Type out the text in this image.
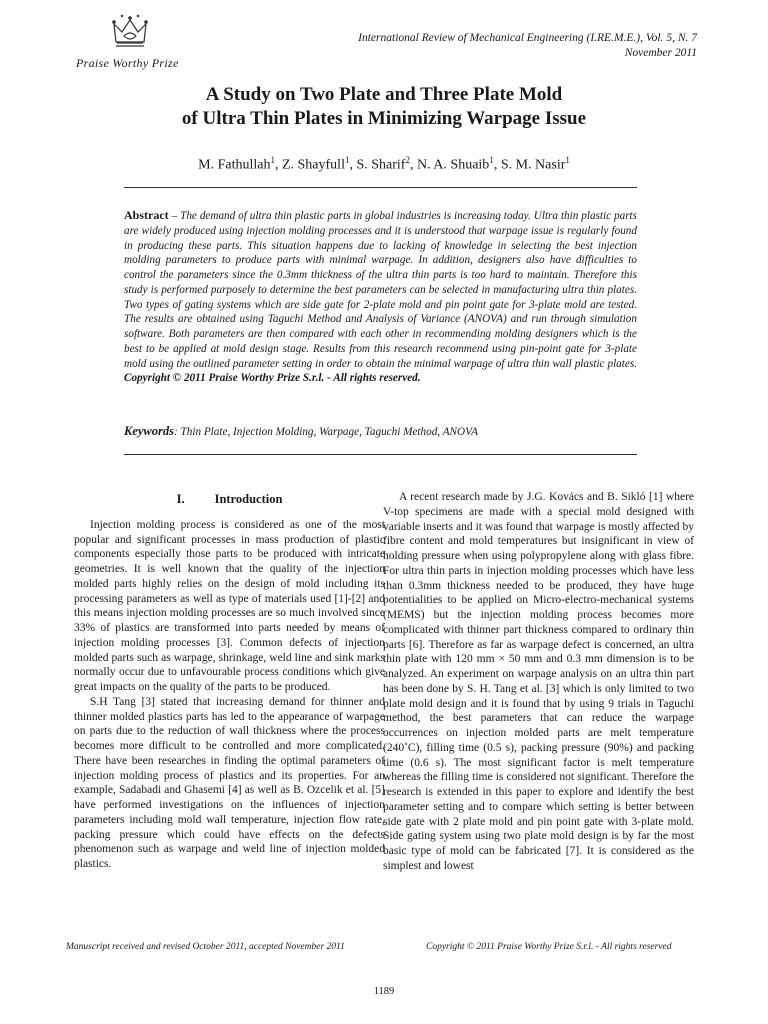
Praise Worthy Prize
International Review of Mechanical Engineering (I.RE.M.E.), Vol. 5, N. 7
November 2011
A Study on Two Plate and Three Plate Mold
of Ultra Thin Plates in Minimizing Warpage Issue
M. Fathullah$^1$, Z. Shayfull$^1$, S. Sharif$^2$, N. A. Shuaib$^1$, S. M. Nasir$^1$
Abstract – The demand of ultra thin plastic parts in global industries is increasing today. Ultra thin plastic parts are widely produced using injection molding processes and it is understood that warpage issue is regularly found in producing these parts. This situation happens due to lacking of knowledge in selecting the best injection molding parameters to produce parts with minimal warpage. In addition, designers also have difficulties to control the parameters since the 0.3mm thickness of the ultra thin parts is too hard to maintain. Therefore this study is performed purposely to determine the best parameters can be selected in manufacturing ultra thin plates. Two types of gating systems which are side gate for 2-plate mold and pin point gate for 3-plate mold are tested. The results are obtained using Taguchi Method and Analysis of Variance (ANOVA) and run through simulation software. Both parameters are then compared with each other in recommending molding designers which is the best to be applied at mold design stage. Results from this research recommend using pin-point gate for 3-plate mold using the outlined parameter setting in order to obtain the minimal warpage of ultra thin wall plastic plates. Copyright © 2011 Praise Worthy Prize S.r.l. - All rights reserved.
Keywords: Thin Plate, Injection Molding, Warpage, Taguchi Method, ANOVA

I. Introduction

Injection molding process is considered as one of the most popular and significant processes in mass production of plastic components especially those parts to be produced with intricate geometries. It is well known that the quality of the injection molded parts highly relies on the design of mold including its processing parameters as well as type of materials used [1]-[2] and this means injection molding processes are so much involved since 33% of plastics are transformed into parts needed by means of injection molding processes [3]. Common defects of injection molded parts such as warpage, shrinkage, weld line and sink marks normally occur due to unfavourable process conditions which give great impacts on the quality of the parts to be produced.

S.H Tang [3] stated that increasing demand for thinner and thinner molded plastics parts has led to the appearance of warpage on parts due to the reduction of wall thickness where the process becomes more difficult to be controlled and more complicated. There have been researches in finding the optimal parameters of injection molding process of plastics and its properties. For an example, Sadabadi and Ghasemi [4] as well as B. Ozcelik et al. [5] have performed investigations on the influences of injection parameters including mold wall temperature, injection flow rate, packing pressure which could have effects on the defects phenomenon such as warpage and weld line of injection molded plastics.

A recent research made by J.G. Kovács and B. Sikló [1] where V-top specimens are made with a special mold designed with variable inserts and it was found that warpage is mostly affected by fibre content and mold temperatures but insignificant in view of holding pressure when using polypropylene along with glass fibre. For ultra thin parts in injection molding processes which have less than 0.3mm thickness needed to be produced, they have huge potentialities to be applied on Micro-electro-mechanical systems (MEMS) but the injection molding process becomes more complicated with thinner part thickness compared to ordinary thin parts [6]. Therefore as far as warpage defect is concerned, an ultra thin plate with 120 mm × 50 mm and 0.3 mm dimension is to be analyzed. An experiment on warpage analysis on an ultra thin part has been done by S. H. Tang et al. [3] which is only limited to two plate mold design and it is found that by using 9 trials in Taguchi method, the best parameters that can reduce the warpage occurrences on injection molded parts are melt temperature (240˚C), filling time (0.5 s), packing pressure (90%) and packing time (0.6 s). The most significant factor is melt temperature whereas the filling time is considered not significant. Therefore the research is extended in this paper to explore and identify the best parameter setting and to compare which setting is better between side gate with 2 plate mold and pin point gate with 3-plate mold. Side gating system using two plate mold design is by far the most basic type of mold can be fabricated [7]. It is considered as the simplest and lowest

Manuscript received and revised October 2011, accepted November 2011	Copyright © 2011 Praise Worthy Prize S.r.l. - All rights reserved
1189
